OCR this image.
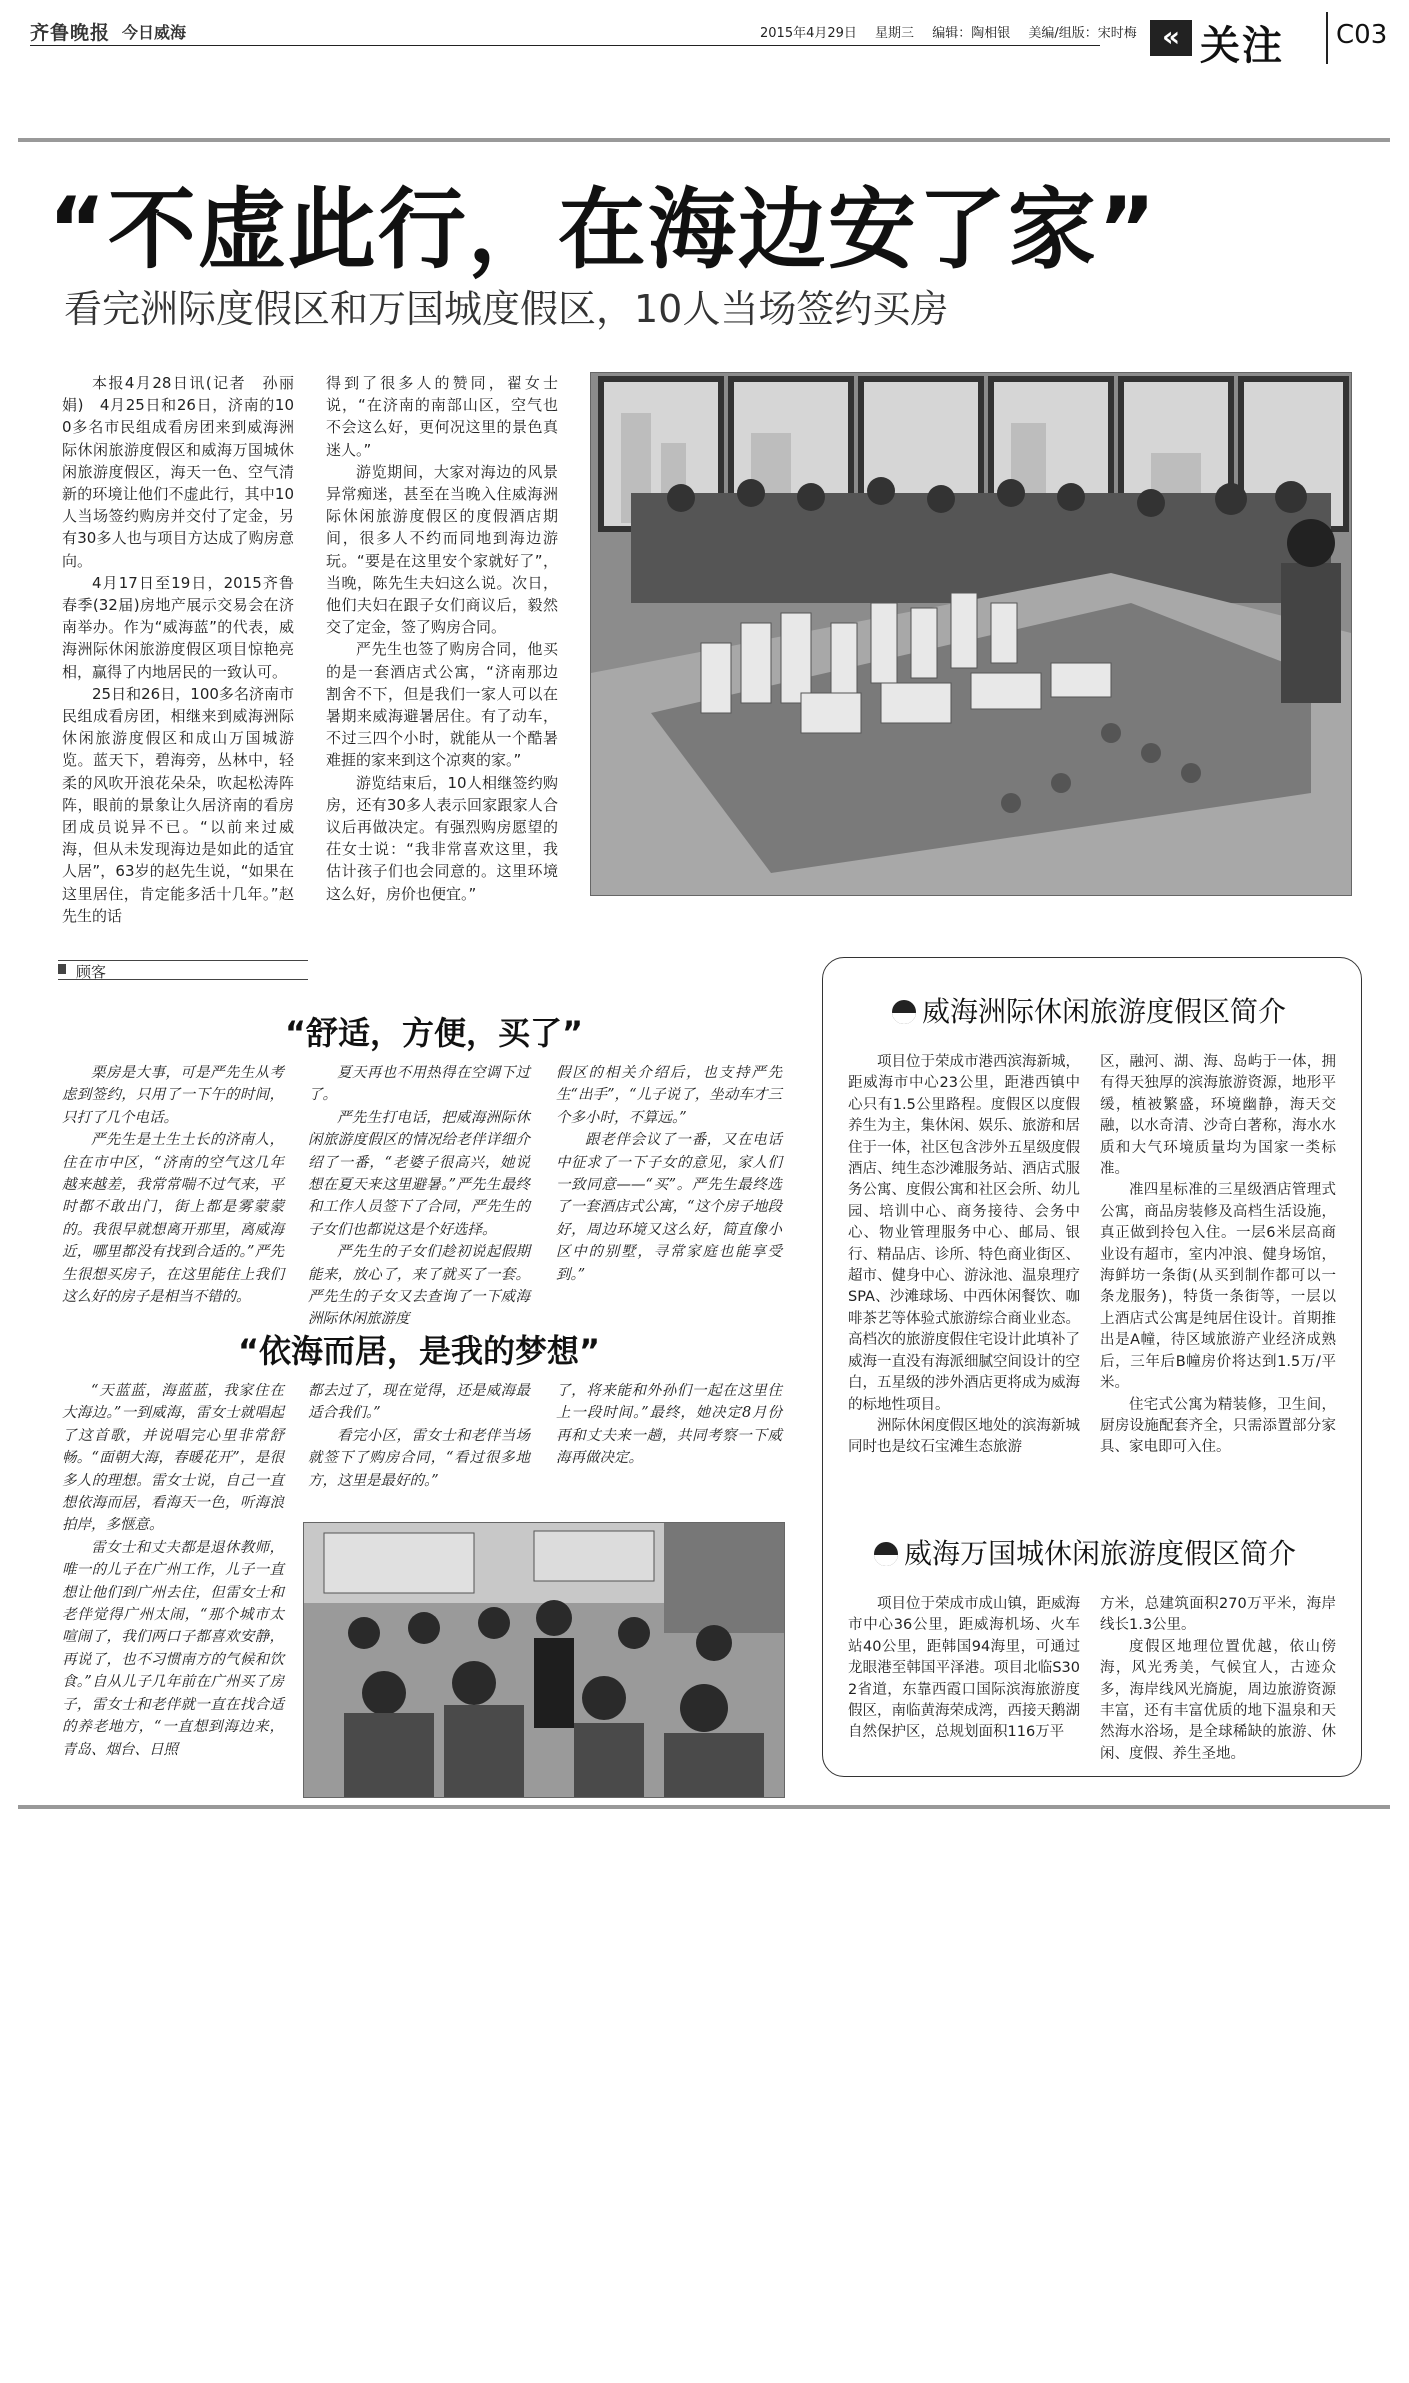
齐鲁晚报 今日威海	2015年4月29日 星期三 编辑：陶相银 美编/组版：宋时梅 « 关注 C03
“不虚此行，在海边安了家”
看完洲际度假区和万国城度假区，10人当场签约买房

本报4月28日讯(记者　孙丽娟)　4月25日和26日，济南的100多名市民组成看房团来到威海洲际休闲旅游度假区和威海万国城休闲旅游度假区，海天一色、空气清新的环境让他们不虚此行，其中10人当场签约购房并交付了定金，另有30多人也与项目方达成了购房意向。

4月17日至19日，2015齐鲁春季(32届)房地产展示交易会在济南举办。作为“威海蓝”的代表，威海洲际休闲旅游度假区项目惊艳亮相，赢得了内地居民的一致认可。

25日和26日，100多名济南市民组成看房团，相继来到威海洲际休闲旅游度假区和成山万国城游览。蓝天下，碧海旁，丛林中，轻柔的风吹开浪花朵朵，吹起松涛阵阵，眼前的景象让久居济南的看房团成员说异不已。“以前来过威海，但从未发现海边是如此的适宜人居”，63岁的赵先生说，“如果在这里居住，肯定能多活十几年。”赵先生的话

得到了很多人的赞同，翟女士说，“在济南的南部山区，空气也不会这么好，更何况这里的景色真迷人。”

游览期间，大家对海边的风景异常痴迷，甚至在当晚入住威海洲际休闲旅游度假区的度假酒店期间，很多人不约而同地到海边游玩。“要是在这里安个家就好了”，当晚，陈先生夫妇这么说。次日，他们夫妇在跟子女们商议后，毅然交了定金，签了购房合同。

严先生也签了购房合同，他买的是一套酒店式公寓，“济南那边割舍不下，但是我们一家人可以在暑期来威海避暑居住。有了动车，不过三四个小时，就能从一个酷暑难捱的家来到这个凉爽的家。”

游览结束后，10人相继签约购房，还有30多人表示回家跟家人合议后再做决定。有强烈购房愿望的茌女士说：“我非常喜欢这里，我估计孩子们也会同意的。这里环境这么好，房价也便宜。”

顾客
“舒适，方便，买了”

栗房是大事，可是严先生从考虑到签约，只用了一下午的时间，只打了几个电话。

严先生是土生土长的济南人，住在市中区，“济南的空气这几年越来越差，我常常喘不过气来，平时都不敢出门，街上都是雾蒙蒙的。我很早就想离开那里，离威海近，哪里都没有找到合适的。”严先生很想买房子，在这里能住上我们这么好的房子是相当不错的。

夏天再也不用热得在空调下过了。

严先生打电话，把威海洲际休闲旅游度假区的情况给老伴详细介绍了一番，“老婆子很高兴，她说想在夏天来这里避暑。”严先生最终和工作人员签下了合同，严先生的子女们也都说这是个好选择。

严先生的子女们趁初说起假期能来，放心了，来了就买了一套。严先生的子女又去查询了一下威海洲际休闲旅游度

假区的相关介绍后，也支持严先生“出手”，“儿子说了，坐动车才三个多小时，不算远。”

跟老伴会议了一番，又在电话中征求了一下子女的意见，家人们一致同意——“买”。严先生最终选了一套酒店式公寓，“这个房子地段好，周边环境又这么好，简直像小区中的别墅，寻常家庭也能享受到。”

“依海而居，是我的梦想”

“天蓝蓝，海蓝蓝，我家住在大海边。”一到威海，雷女士就唱起了这首歌，并说唱完心里非常舒畅。“面朝大海，春暖花开”，是很多人的理想。雷女士说，自己一直想依海而居，看海天一色，听海浪拍岸，多惬意。

雷女士和丈夫都是退休教师，唯一的儿子在广州工作，儿子一直想让他们到广州去住，但雷女士和老伴觉得广州太闹，“那个城市太喧闹了，我们两口子都喜欢安静，再说了，也不习惯南方的气候和饮食。”自从儿子几年前在广州买了房子，雷女士和老伴就一直在找合适的养老地方，“一直想到海边来，青岛、烟台、日照

都去过了，现在觉得，还是威海最适合我们。”

看完小区，雷女士和老伴当场就签下了购房合同，“看过很多地方，这里是最好的。”

了，将来能和外孙们一起在这里住上一段时间。”最终，她决定8月份再和丈夫来一趟，共同考察一下威海再做决定。

威海洲际休闲旅游度假区简介

项目位于荣成市港西滨海新城，距威海市中心23公里，距港西镇中心只有1.5公里路程。度假区以度假养生为主，集休闲、娱乐、旅游和居住于一体，社区包含涉外五星级度假酒店、纯生态沙滩服务站、酒店式服务公寓、度假公寓和社区会所、幼儿园、培训中心、商务接待、会务中心、物业管理服务中心、邮局、银行、精品店、诊所、特色商业街区、超市、健身中心、游泳池、温泉理疗SPA、沙滩球场、中西休闲餐饮、咖啡茶艺等体验式旅游综合商业业态。高档次的旅游度假住宅设计此填补了威海一直没有海派细腻空间设计的空白，五星级的涉外酒店更将成为威海的标地性项目。

洲际休闲度假区地处的滨海新城同时也是纹石宝滩生态旅游

区，融河、湖、海、岛屿于一体，拥有得天独厚的滨海旅游资源，地形平缓，植被繁盛，环境幽静，海天交融，以水奇清、沙奇白著称，海水水质和大气环境质量均为国家一类标准。

准四星标准的三星级酒店管理式公寓，商品房装修及高档生活设施，真正做到拎包入住。一层6米层高商业设有超市，室内冲浪、健身场馆，海鲜坊一条街(从买到制作都可以一条龙服务)，特货一条街等，一层以上酒店式公寓是纯居住设计。首期推出是A幢，待区域旅游产业经济成熟后，三年后B幢房价将达到1.5万/平米。

住宅式公寓为精装修，卫生间，厨房设施配套齐全，只需添置部分家具、家电即可入住。

威海万国城休闲旅游度假区简介

项目位于荣成市成山镇，距威海市中心36公里，距威海机场、火车站40公里，距韩国94海里，可通过龙眼港至韩国平泽港。项目北临S302省道，东靠西霞口国际滨海旅游度假区，南临黄海荣成湾，西接天鹅湖自然保护区，总规划面积116万平

方米，总建筑面积270万平米，海岸线长1.3公里。

度假区地理位置优越，依山傍海，风光秀美，气候宜人，古迹众多，海岸线风光旖旎，周边旅游资源丰富，还有丰富优质的地下温泉和天然海水浴场，是全球稀缺的旅游、休闲、度假、养生圣地。
